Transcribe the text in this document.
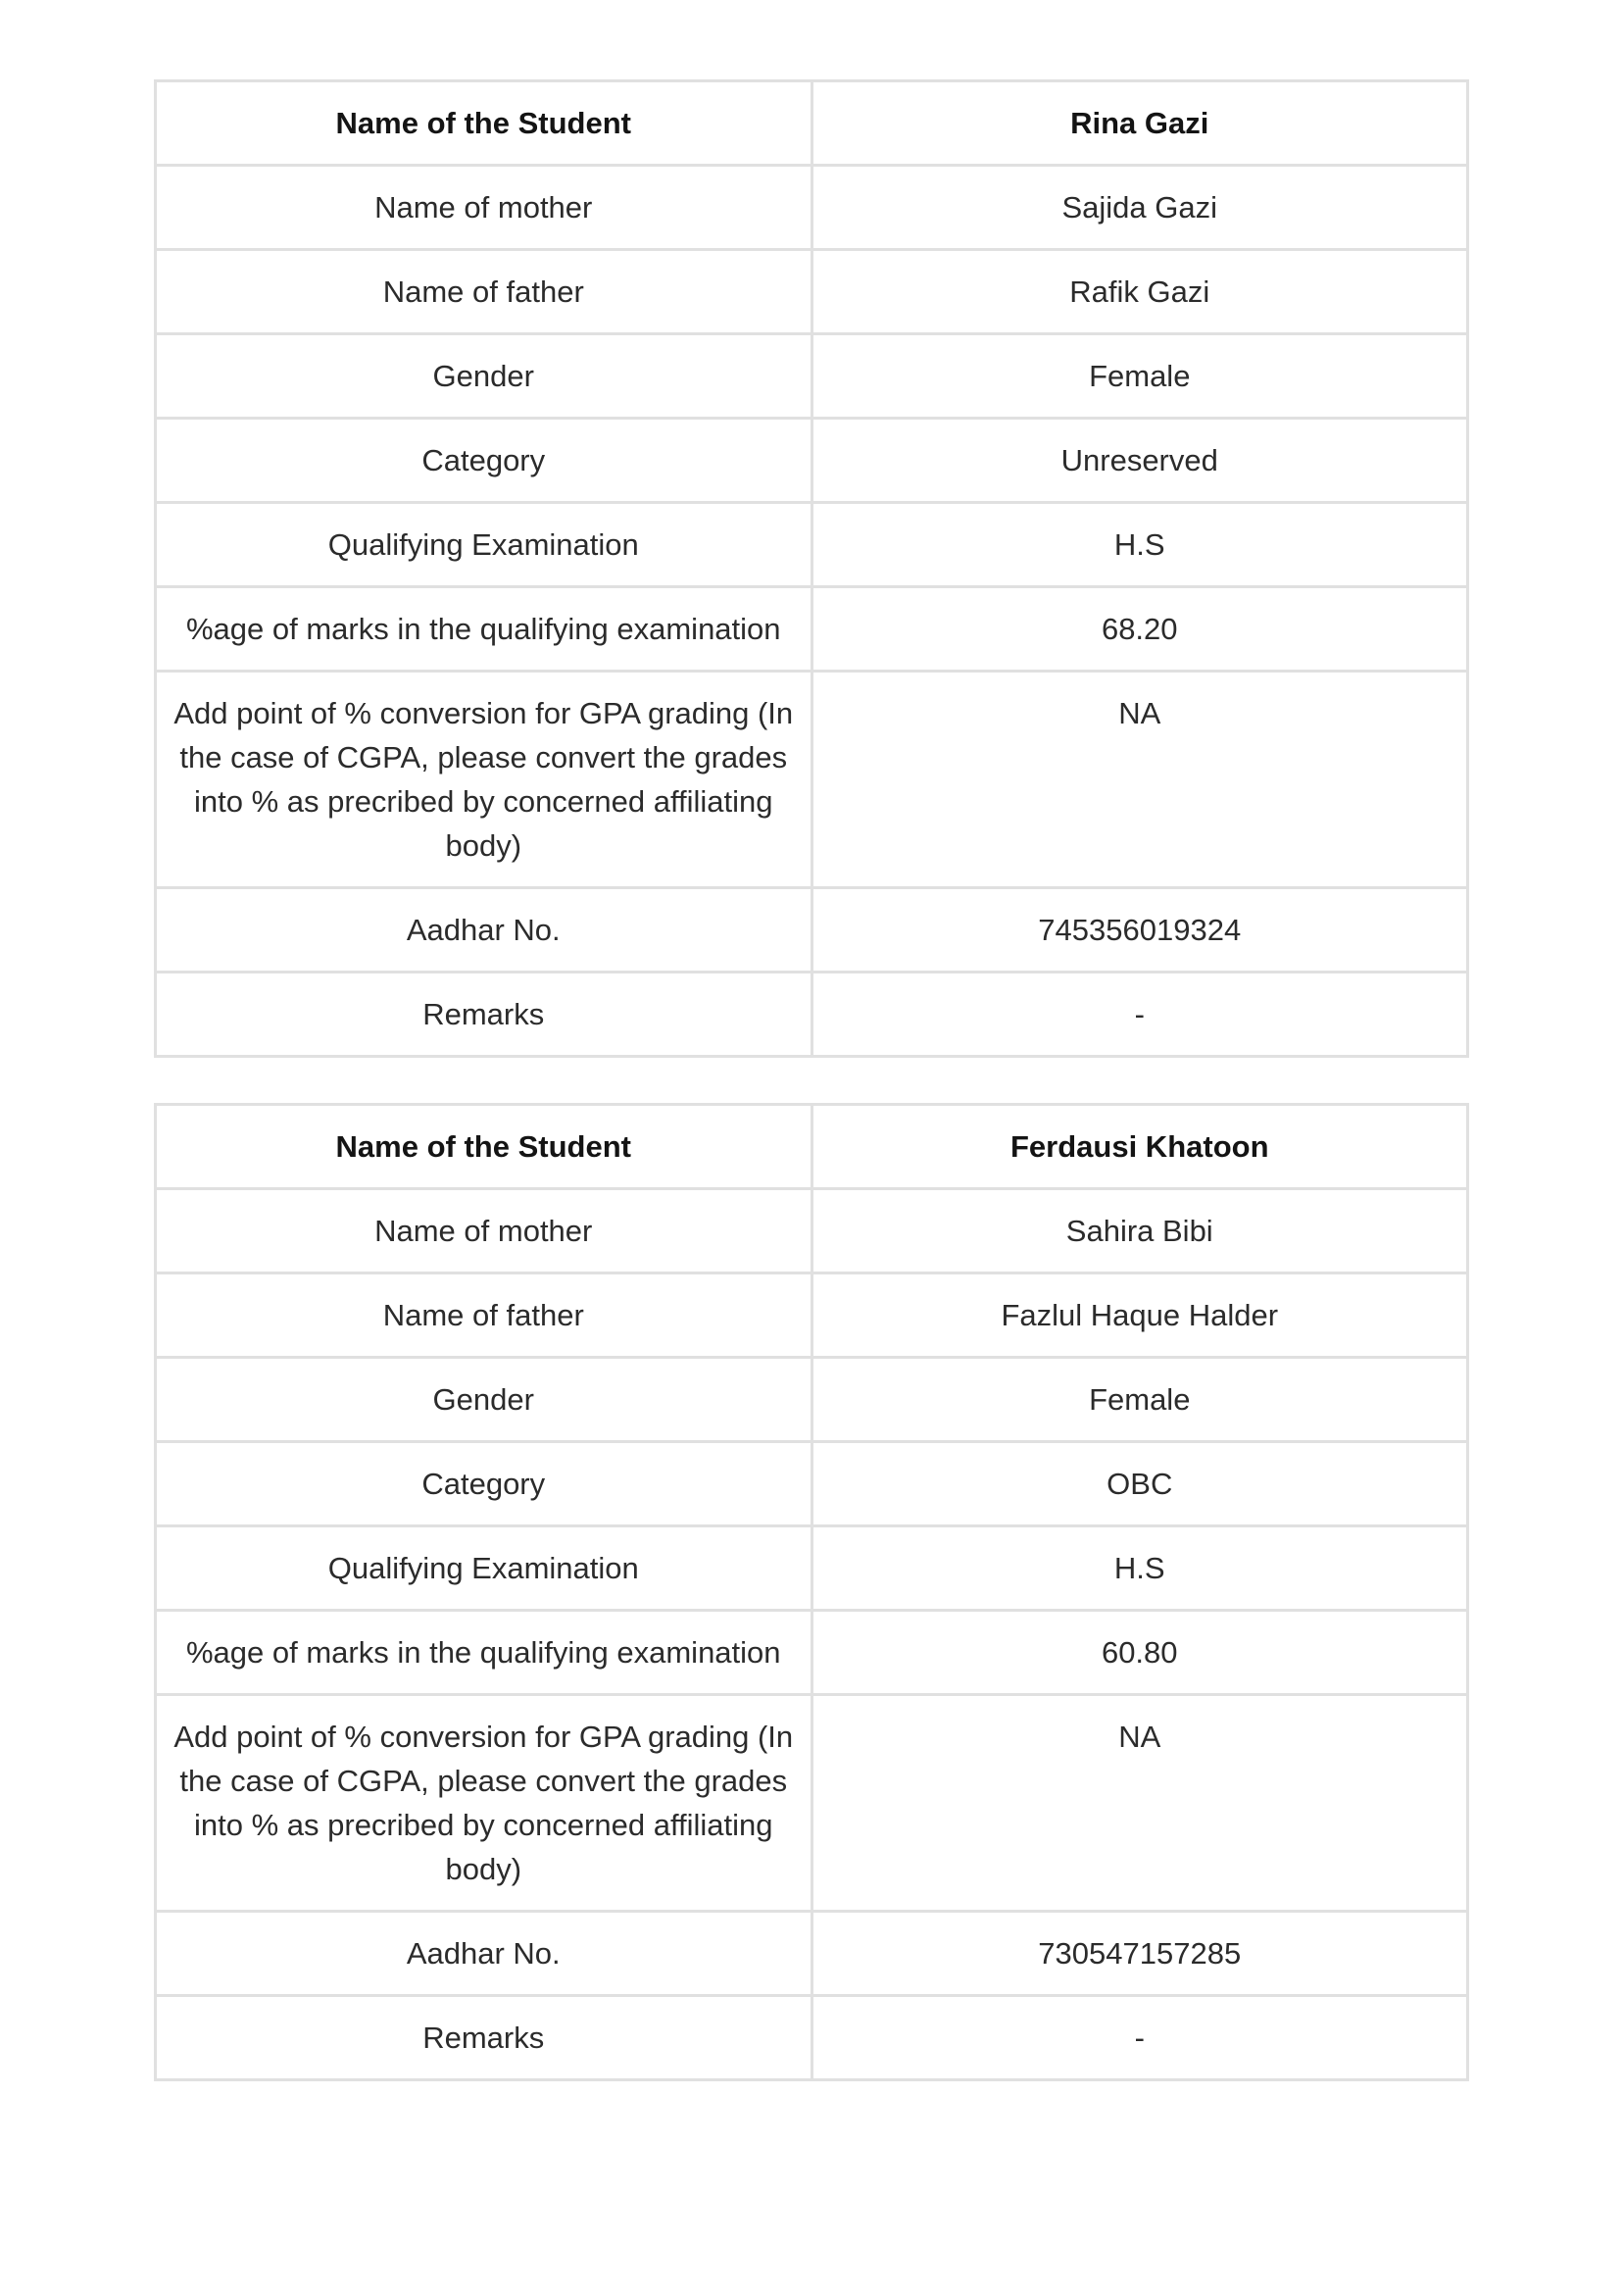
Name of the Student	Rina Gazi
Name of mother	Sajida Gazi
Name of father	Rafik Gazi
Gender	Female
Category	Unreserved
Qualifying Examination	H.S
%age of marks in the qualifying examination	68.20
Add point of % conversion for GPA grading (In the case of CGPA, please convert the grades into % as precribed by concerned affiliating body)	NA
Aadhar No.	745356019324
Remarks	-
Name of the Student	Ferdausi Khatoon
Name of mother	Sahira Bibi
Name of father	Fazlul Haque Halder
Gender	Female
Category	OBC
Qualifying Examination	H.S
%age of marks in the qualifying examination	60.80
Add point of % conversion for GPA grading (In the case of CGPA, please convert the grades into % as precribed by concerned affiliating body)	NA
Aadhar No.	730547157285
Remarks	-
